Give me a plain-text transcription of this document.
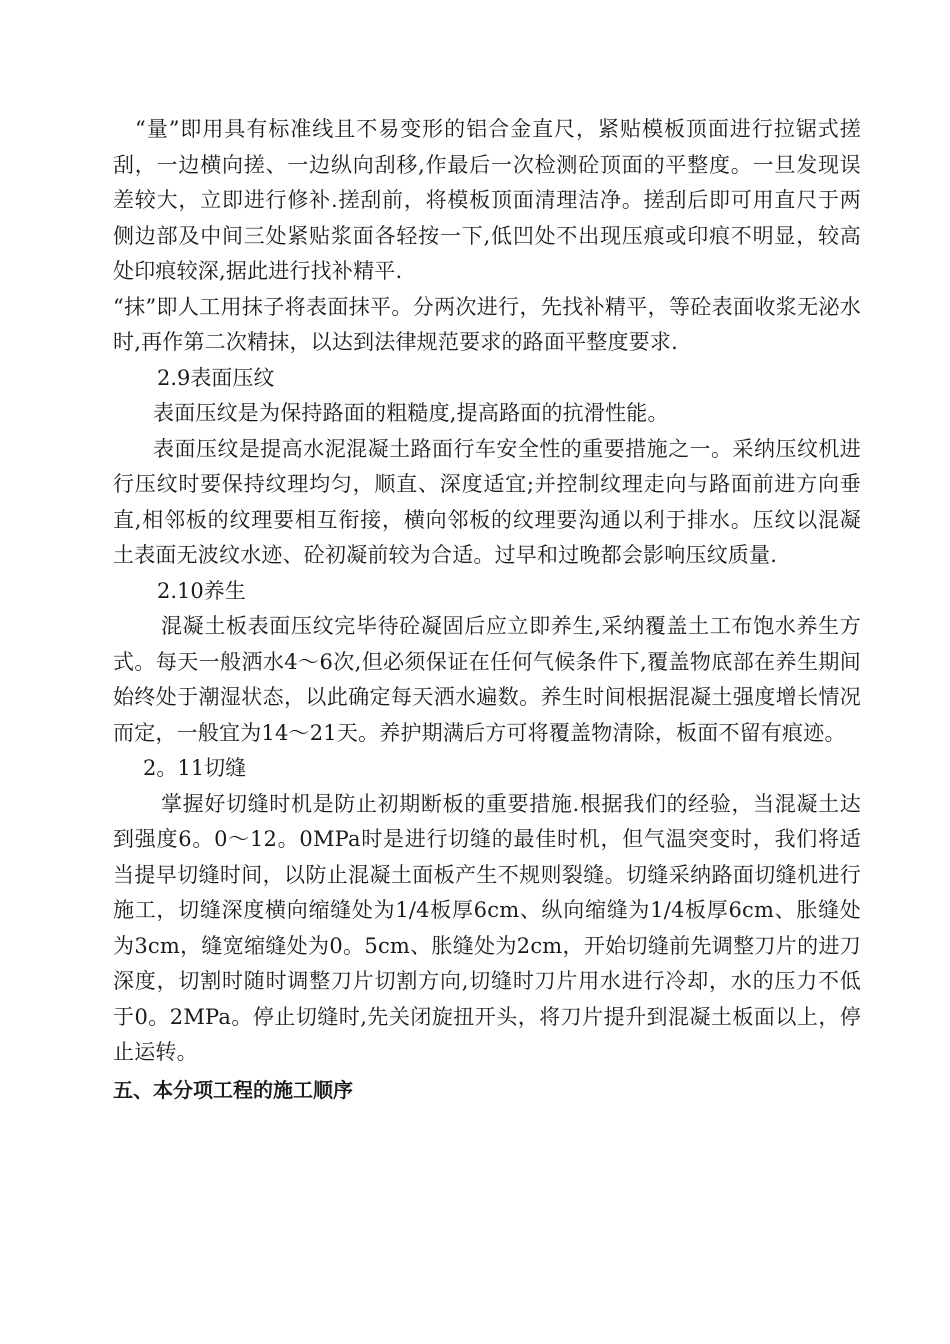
“量”即用具有标准线且不易变形的铝合金直尺，紧贴模板顶面进行拉锯式搓刮，一边横向搓、一边纵向刮移,作最后一次检测砼顶面的平整度。一旦发现误差较大，立即进行修补.搓刮前，将模板顶面清理洁净。搓刮后即可用直尺于两侧边部及中间三处紧贴浆面各轻按一下,低凹处不出现压痕或印痕不明显，较高处印痕较深,据此进行找补精平.

“抹”即人工用抹子将表面抹平。分两次进行，先找补精平，等砼表面收浆无泌水时,再作第二次精抹，以达到法律规范要求的路面平整度要求.

2.9表面压纹

表面压纹是为保持路面的粗糙度,提高路面的抗滑性能。

表面压纹是提高水泥混凝土路面行车安全性的重要措施之一。采纳压纹机进行压纹时要保持纹理均匀，顺直、深度适宜;并控制纹理走向与路面前进方向垂直,相邻板的纹理要相互衔接，横向邻板的纹理要沟通以利于排水。压纹以混凝土表面无波纹水迹、砼初凝前较为合适。过早和过晚都会影响压纹质量.

2.10养生

混凝土板表面压纹完毕待砼凝固后应立即养生,采纳覆盖土工布饱水养生方式。每天一般洒水4～6次,但必须保证在任何气候条件下,覆盖物底部在养生期间始终处于潮湿状态，以此确定每天洒水遍数。养生时间根据混凝土强度增长情况而定，一般宜为14～21天。养护期满后方可将覆盖物清除，板面不留有痕迹。

2。11切缝

掌握好切缝时机是防止初期断板的重要措施.根据我们的经验，当混凝土达到强度6。0～12。0MPa时是进行切缝的最佳时机，但气温突变时，我们将适当提早切缝时间，以防止混凝土面板产生不规则裂缝。切缝采纳路面切缝机进行施工，切缝深度横向缩缝处为1/4板厚6cm、纵向缩缝为1/4板厚6cm、胀缝处为3cm，缝宽缩缝处为0。5cm、胀缝处为2cm，开始切缝前先调整刀片的进刀深度，切割时随时调整刀片切割方向,切缝时刀片用水进行冷却，水的压力不低于0。2MPa。停止切缝时,先关闭旋扭开头，将刀片提升到混凝土板面以上，停止运转。

五、本分项工程的施工顺序
